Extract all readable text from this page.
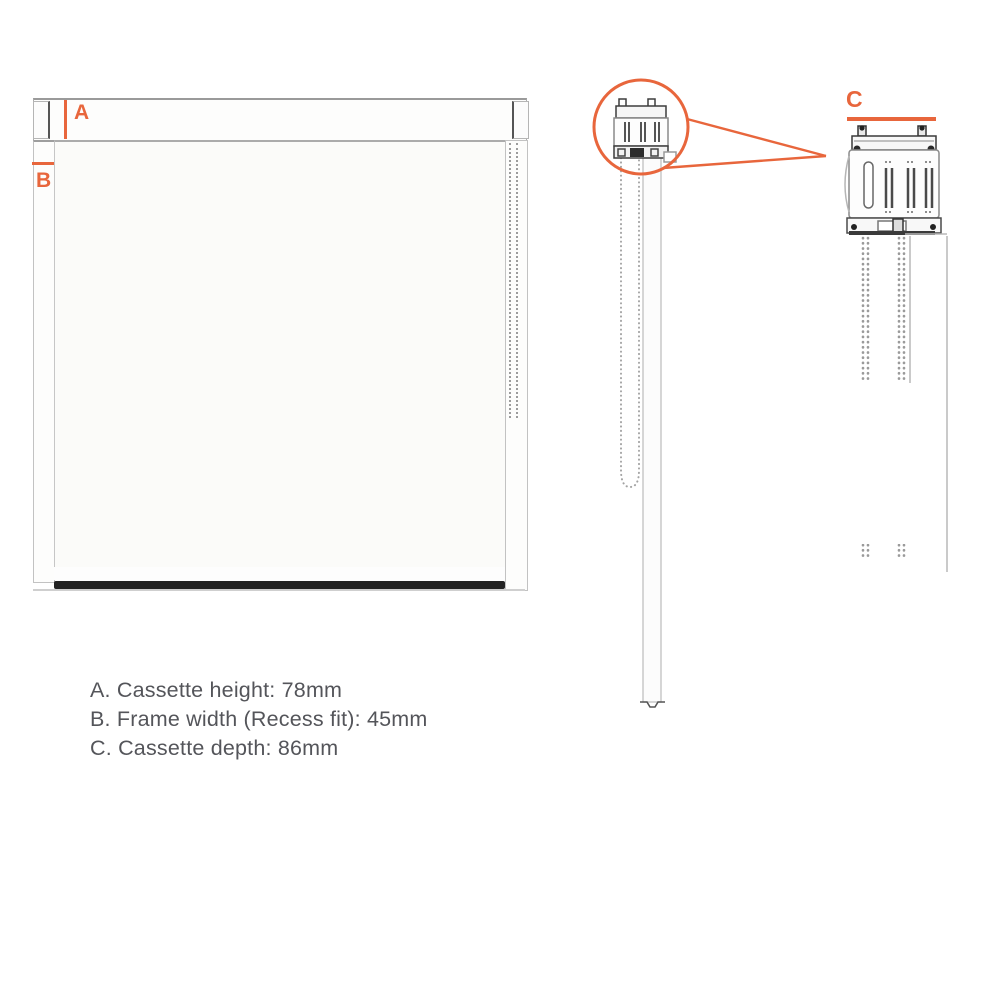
A
B
C

A. Cassette height: 78mm

B. Frame width (Recess fit): 45mm

C. Cassette depth: 86mm
